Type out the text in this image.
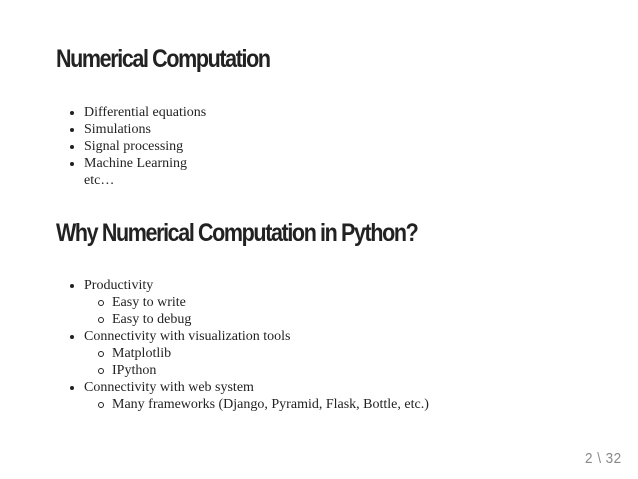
Numerical Computation
Differential equations
Simulations
Signal processing
Machine Learning
etc…
Why Numerical Computation in Python?
Productivity
Easy to write
Easy to debug
Connectivity with visualization tools
Matplotlib
IPython
Connectivity with web system
Many frameworks (Django, Pyramid, Flask, Bottle, etc.)
2 \ 32
